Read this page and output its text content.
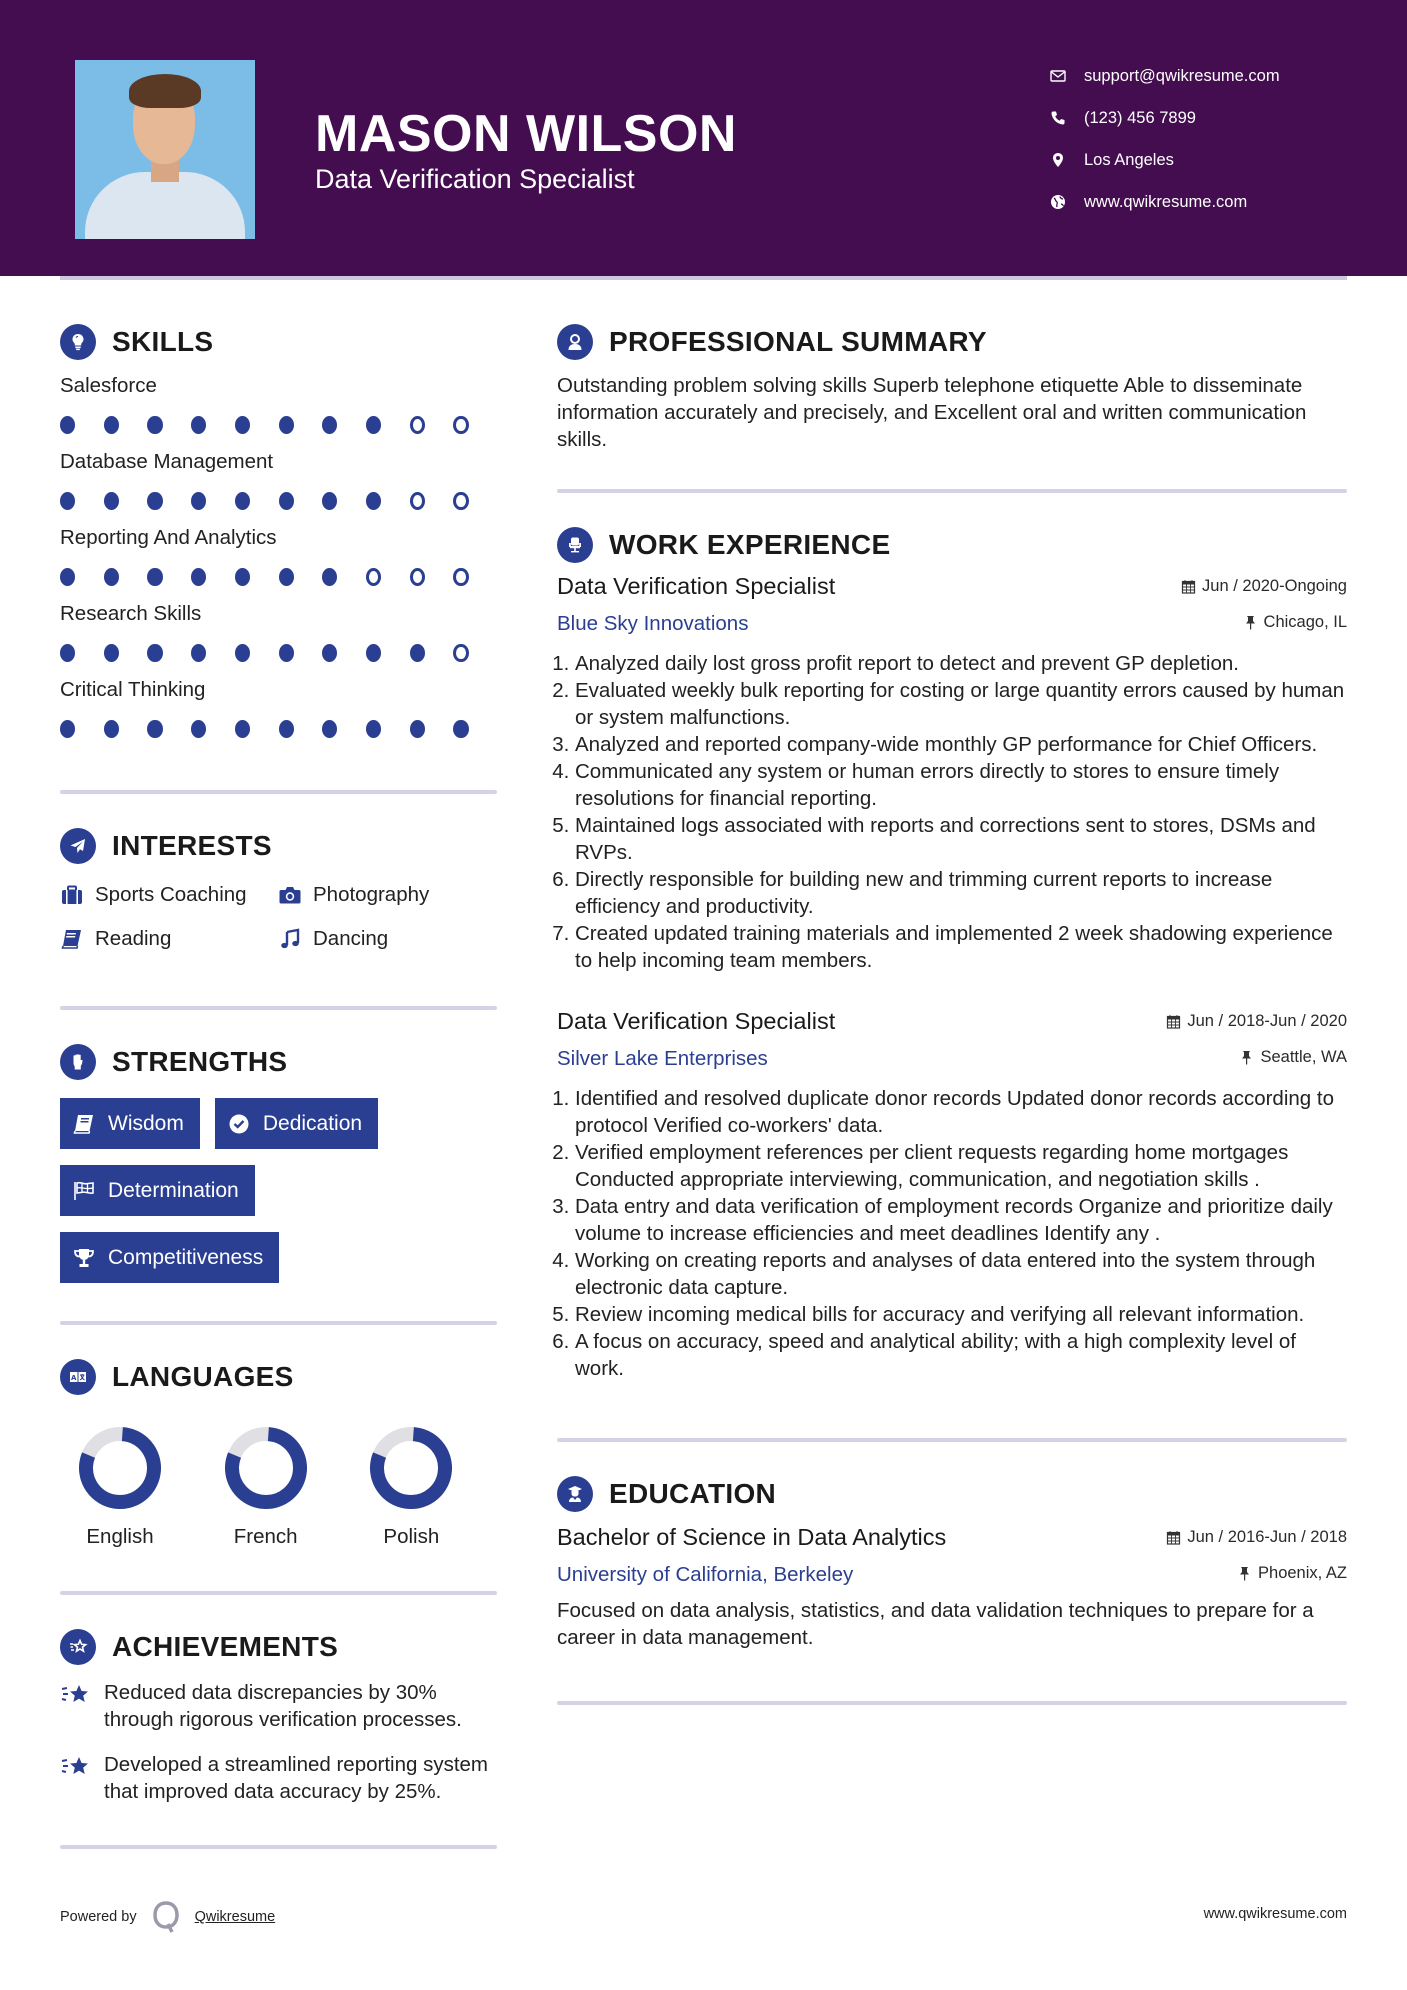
MASON WILSON
Data Verification Specialist
support@qwikresume.com
(123) 456 7899
Los Angeles
www.qwikresume.com
SKILLS
Salesforce
Database Management
Reporting And Analytics
Research Skills
Critical Thinking
INTERESTS
Sports Coaching	Photography
Reading	Dancing
STRENGTHS
Wisdom	Dedication
Determination
Competitiveness
A LANGUAGES
English	French	Polish
ACHIEVEMENTS
Reduced data discrepancies by 30% through rigorous verification processes.
Developed a streamlined reporting system that improved data accuracy by 25%.
PROFESSIONAL SUMMARY

Outstanding problem solving skills Superb telephone etiquette Able to disseminate information accurately and precisely, and Excellent oral and written communication skills.

WORK EXPERIENCE
Data Verification Specialist	Jun / 2020-Ongoing
Blue Sky Innovations	Chicago, IL
1. Analyzed daily lost gross profit report to detect and prevent GP depletion.
2. Evaluated weekly bulk reporting for costing or large quantity errors caused by human or system malfunctions.
3. Analyzed and reported company-wide monthly GP performance for Chief Officers.
4. Communicated any system or human errors directly to stores to ensure timely resolutions for financial reporting.
5. Maintained logs associated with reports and corrections sent to stores, DSMs and RVPs.
6. Directly responsible for building new and trimming current reports to increase efficiency and productivity.
7. Created updated training materials and implemented 2 week shadowing experience to help incoming team members.
Data Verification Specialist	Jun / 2018-Jun / 2020
Silver Lake Enterprises	Seattle, WA
1. Identified and resolved duplicate donor records Updated donor records according to protocol Verified co-workers' data.
2. Verified employment references per client requests regarding home mortgages Conducted appropriate interviewing, communication, and negotiation skills .
3. Data entry and data verification of employment records Organize and prioritize daily volume to increase efficiencies and meet deadlines Identify any .
4. Working on creating reports and analyses of data entered into the system through electronic data capture.
5. Review incoming medical bills for accuracy and verifying all relevant information.
6. A focus on accuracy, speed and analytical ability; with a high complexity level of work.
EDUCATION
Bachelor of Science in Data Analytics	Jun / 2016-Jun / 2018
University of California, Berkeley	Phoenix, AZ

Focused on data analysis, statistics, and data validation techniques to prepare for a career in data management.

Powered by	Qwikresume	www.qwikresume.com
